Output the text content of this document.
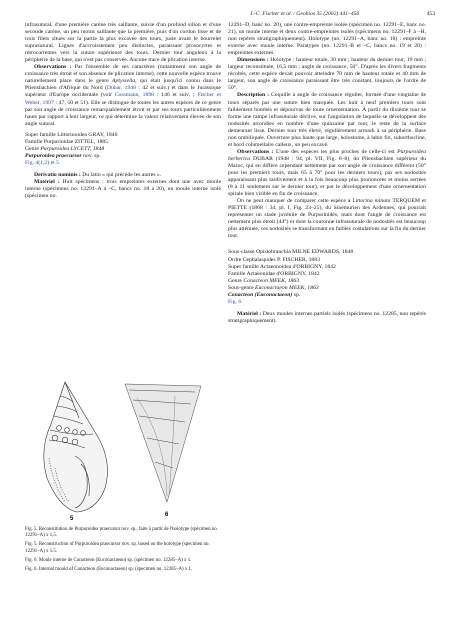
J.-C. Fischer et al. / Geobios 35 (2002) 441–456	453

infrasutural, d'une première carène très saillante, suivie d'un profond sillon et d'une seconde carène, un peu moins saillante que la première, puis d'un cordon lisse et de trois filets situés sur la partie la plus excavée des tours, juste avant le bourrelet suprasutural. Lignes d'accroissement peu distinctes, paraissant prosocyrtes et rétrocurrentes vers la suture supérieure des tours. Dernier tour anguleux à la périphérie de la base, qui n'est pas conservée. Aucune trace de plication interne.

Observations : Par l'ensemble de ses caractères (notamment son angle de croissance très étroit et son absence de plication interne), cette nouvelle espèce trouve naturellement place dans le genre Aptyxiella, qui était jusqu'ici connu dans le Pliensbachien d'Afrique du Nord (Dubar, 1948 : 42 et suiv.) et dans le Jurassique supérieur d'Europe occidentale (voir Cossmann, 1898 : 146 et suiv. ; Fischer et Weber, 1997 : 47, 50 et 51). Elle se distingue de toutes les autres espèces de ce genre par son angle de croissance remarquablement étroit et par ses tours particulièrement hauts par rapport à leur largeur, ce qui détermine la valeur relativement élevée de son angle sutural.

Super famille Littorinoidea GRAY, 1840
Famille Purpurinidae ZITTEL, 1885
Genre Purpuroidea LYCETT, 1848
Purpuroidea praecursor nov. sp.
Fig. 4(1,2) et 5

Derivatio nominis : Du latin « qui précède les autres ».

Matériel : Huit spécimens : trois empreintes externes dont une avec moule interne (spécimens no. 12291–A à –C, bancs no. 18 a 20), un moule interne isolé (spécimen no.

5
6

Fig. 5. Reconstitution de Purpuroidea praecursor nov. sp., faite à partir de l'holotype (spécimen no. 12291–A) x 1,5.

Fig. 5. Reconstruction of Purpuroidea praecursor nov. sp. based on the holotype (specimen no. 12291–A) x 1.5.

Fig. 6. Moule interne de Conacteon (Euconactaeon) sp. (spécimen no. 12285–A) x 1.

Fig. 6. Internal mould of Conacteon (Euconactaeon) sp. (specimen no. 12285–A) x 1.

12291–D, banc no. 20), une contre-empreinte isolée (spécimen no. 12291–E, banc no. 21), un moule interne et deux contre-empreintes isolés (spécimens no. 12291–F à –H, non repérés stratigraphiquement). Holotype (no. 12291–A, banc no. 18) : empreinte externe avec moule interne. Paratypes (no. 12291–B et –C, bancs no. 19 et 20) : empreintes externes.

Dimensions : Holotype : hauteur totale, 30 mm ; hauteur du dernier tour, 19 mm ; largeur reconstituée, 16,5 mm ; angle de croissance, 50°. D'après les divers fragments récoltés, cette espèce devait pouvoir atteindre 70 mm de hauteur totale et 40 mm de largeur, son angle de croissance paraissant être très constant, toujours de l'ordre de 50°.

Description : Coquille à angle de croissance régulier, formée d'une vingtaine de tours séparés par une suture bien marquée. Les huit à neuf premiers tours sont faiblement bombés et dépourvus de toute ornementation. À partir du dixième tour se forme une rampe infrasuturale déclive, sur l'angulation de laquelle se développent des nodosités arrondies en nombre d'une quinzaine par tour, le reste de la surface demeurant lisse. Dernier tour très élevé, régulièrement arrondi à sa périphérie. Base non ombiliquée. Ouverture plus haute que large, holostome, à labre fin, suborthocline, et bord columellaire calleux, un peu excavé.

Observations : L'une des espèces les plus proches de celle-ci est Purpuroidea berberica DUBAR (1948 : 94, pl. VII, Fig. 6–8), du Pliensbachien supérieur du Maroc, qui en diffère cependant nettement par son angle de croissance différent (50° pour les premiers tours, mais 65 à 70° pour les derniers tours), par ses nodosités apparaissant plus tardivement et à la fois beaucoup plus prononcées et moins serrées (8 à 11 seulement sur le dernier tour), et par le développement d'une ornementation spirale bien visible en fin de croissance.

On ne peut manquer de comparer cette espèce à Littorina minuta TERQUEM et PIETTE (1868 : 34, pl. I, Fig. 23–25), du Sinémurien des Ardennes, qui pourrait représenter un stade juvénile de Purpurinidés, mais dont l'angle de croissance est nettement plus étroit (44°) et dont la couronne infrasuturale de nodosités est beaucoup plus atténuée, ces nodosités se transformant en faibles costulations sur la fin du dernier tour.

Sous-classe Opistobranchia MILNE EDWARDS, 1848
Ordre Cephalaspides P. FISCHER, 1883
Super famille Actaeonoidea d'ORBIGNY, 1842
Famille Actaeonidae d'ORBIGNY, 1842
Genre Conacteon MEEK, 1863
Sous-genre Euconactaeon MEEK, 1863
Conacteon (Euconactaeon) sp.
Fig. 6

Matériel : Deux moules internes partiels isolés (spécimens no. 12285, non repérés stratigraphiquement).
